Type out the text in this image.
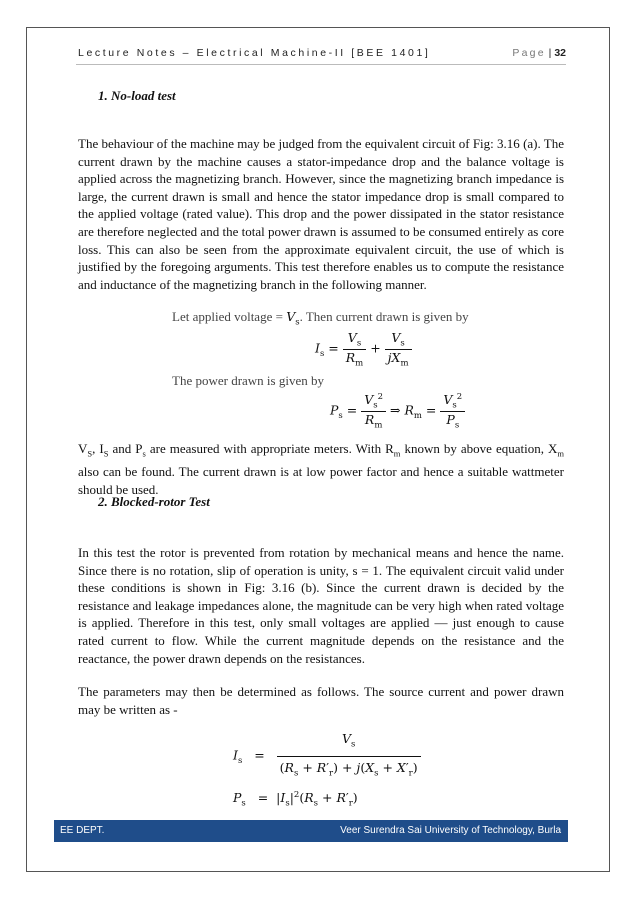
Lecture Notes – Electrical Machine-II [BEE 1401]	Page | 32
1. No-load test

The behaviour of the machine may be judged from the equivalent circuit of Fig: 3.16 (a). The current drawn by the machine causes a stator-impedance drop and the balance voltage is applied across the magnetizing branch. However, since the magnetizing branch impedance is large, the current drawn is small and hence the stator impedance drop is small compared to the applied voltage (rated value). This drop and the power dissipated in the stator resistance are therefore neglected and the total power drawn is assumed to be consumed entirely as core loss. This can also be seen from the approximate equivalent circuit, the use of which is justified by the foregoing arguments. This test therefore enables us to compute the resistance and inductance of the magnetizing branch in the following manner.

Let applied voltage = $V_s$. Then current drawn is given by
$I_s = \frac{V_s}{R_m} + \frac{V_s}{jX_m}$
The power drawn is given by
$P_s = \frac{V_s^2}{R_m}$ ⇒ $R_m = \frac{V_s^2}{P_s}$

$V_S$, $I_S$ and $P_s$ are measured with appropriate meters. With $R_m$ known by above equation, $X_m$ also can be found. The current drawn is at low power factor and hence a suitable wattmeter should be used.

2. Blocked-rotor Test

In this test the rotor is prevented from rotation by mechanical means and hence the name. Since there is no rotation, slip of operation is unity, s = 1. The equivalent circuit valid under these conditions is shown in Fig: 3.16 (b). Since the current drawn is decided by the resistance and leakage impedances alone, the magnitude can be very high when rated voltage is applied. Therefore in this test, only small voltages are applied — just enough to cause rated current to flow. While the current magnitude depends on the resistance and the reactance, the power drawn depends on the resistances.

The parameters may then be determined as follows. The source current and power drawn may be written as -

$I_s = \frac{V_s}{(R_s + R'_r) + j(X_s + X'_r)}$
$P_s = |I_s|^2(R_s + R'_r)$
EE DEPT.	Veer Surendra Sai University of Technology, Burla
